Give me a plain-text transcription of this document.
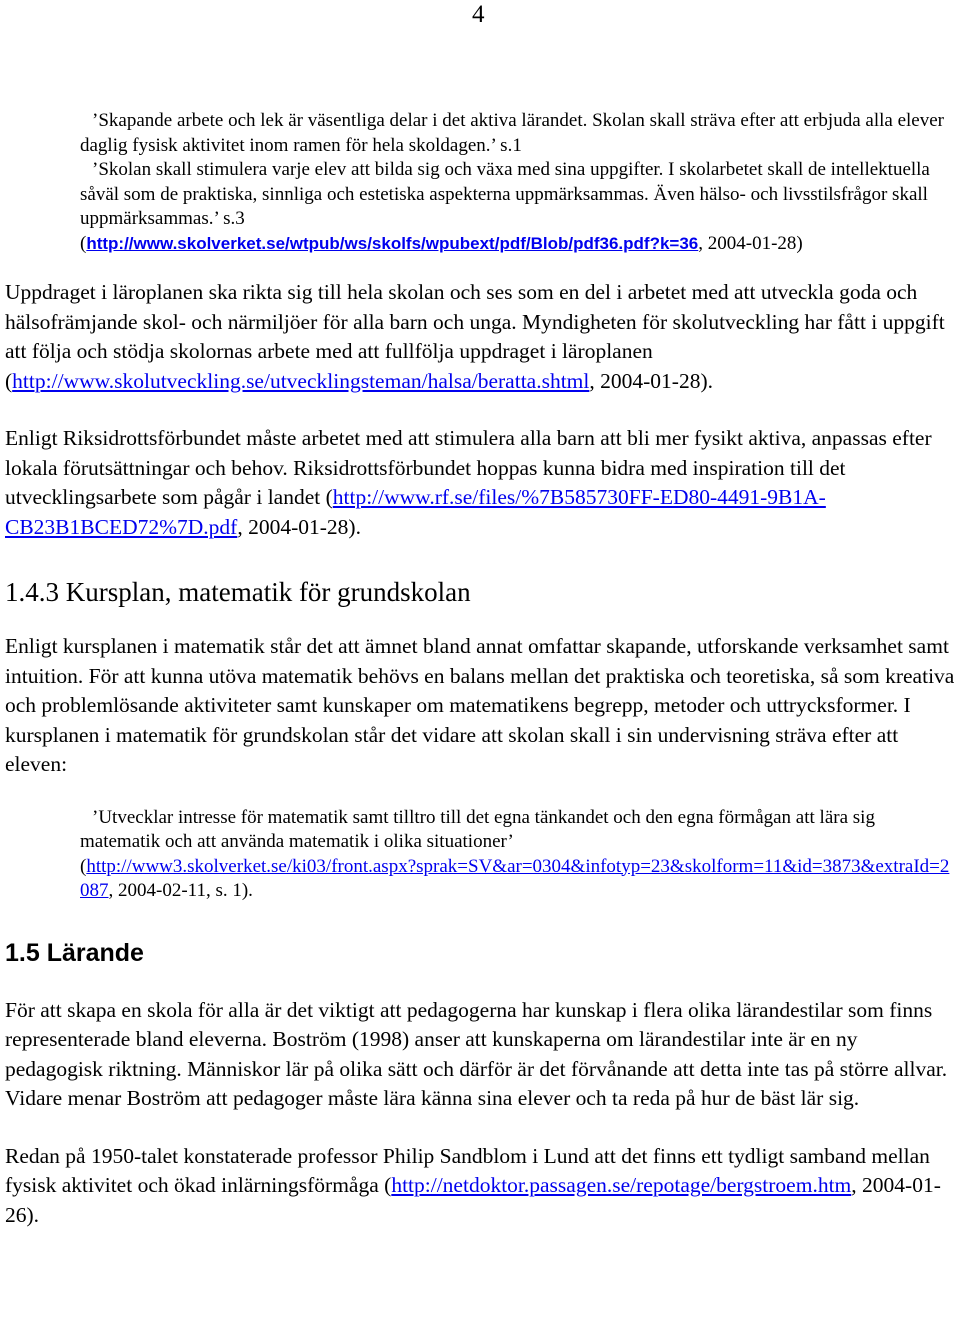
4

’Skapande arbete och lek är väsentliga delar i det aktiva lärandet. Skolan skall sträva efter att erbjuda alla elever daglig fysisk aktivitet inom ramen för hela skoldagen.’ s.1

’Skolan skall stimulera varje elev att bilda sig och växa med sina uppgifter. I skolarbetet skall de intellektuella såväl som de praktiska, sinnliga och estetiska aspekterna uppmärksammas. Även hälso- och livsstilsfrågor skall uppmärksammas.’ s.3

(http://www.skolverket.se/wtpub/ws/skolfs/wpubext/pdf/Blob/pdf36.pdf?k=36, 2004-01-28)

Uppdraget i läroplanen ska rikta sig till hela skolan och ses som en del i arbetet med att utveckla goda och hälsofrämjande skol- och närmiljöer för alla barn och unga. Myndigheten för skolutveckling har fått i uppgift att följa och stödja skolornas arbete med att fullfölja uppdraget i läroplanen (http://www.skolutveckling.se/utvecklingsteman/halsa/beratta.shtml, 2004-01-28).

Enligt Riksidrottsförbundet måste arbetet med att stimulera alla barn att bli mer fysikt aktiva, anpassas efter lokala förutsättningar och behov. Riksidrottsförbundet hoppas kunna bidra med inspiration till det utvecklingsarbete som pågår i landet (http://www.rf.se/files/%7B585730FF-ED80-4491-9B1A-CB23B1BCED72%7D.pdf, 2004-01-28).

1.4.3 Kursplan, matematik för grundskolan

Enligt kursplanen i matematik står det att ämnet bland annat omfattar skapande, utforskande verksamhet samt intuition. För att kunna utöva matematik behövs en balans mellan det praktiska och teoretiska, så som kreativa och problemlösande aktiviteter samt kunskaper om matematikens begrepp, metoder och uttrycksformer. I kursplanen i matematik för grundskolan står det vidare att skolan skall i sin undervisning sträva efter att eleven:

’Utvecklar intresse för matematik samt tilltro till det egna tänkandet och den egna förmågan att lära sig matematik och att använda matematik i olika situationer’

(http://www3.skolverket.se/ki03/front.aspx?sprak=SV&ar=0304&infotyp=23&skolform=11&id=3873&extraId=2087, 2004-02-11, s. 1).

1.5 Lärande

För att skapa en skola för alla är det viktigt att pedagogerna har kunskap i flera olika lärandestilar som finns representerade bland eleverna. Boström (1998) anser att kunskaperna om lärandestilar inte är en ny pedagogisk riktning. Människor lär på olika sätt och därför är det förvånande att detta inte tas på större allvar. Vidare menar Boström att pedagoger måste lära känna sina elever och ta reda på hur de bäst lär sig.

Redan på 1950-talet konstaterade professor Philip Sandblom i Lund att det finns ett tydligt samband mellan fysisk aktivitet och ökad inlärningsförmåga (http://netdoktor.passagen.se/repotage/bergstroem.htm, 2004-01-26).
